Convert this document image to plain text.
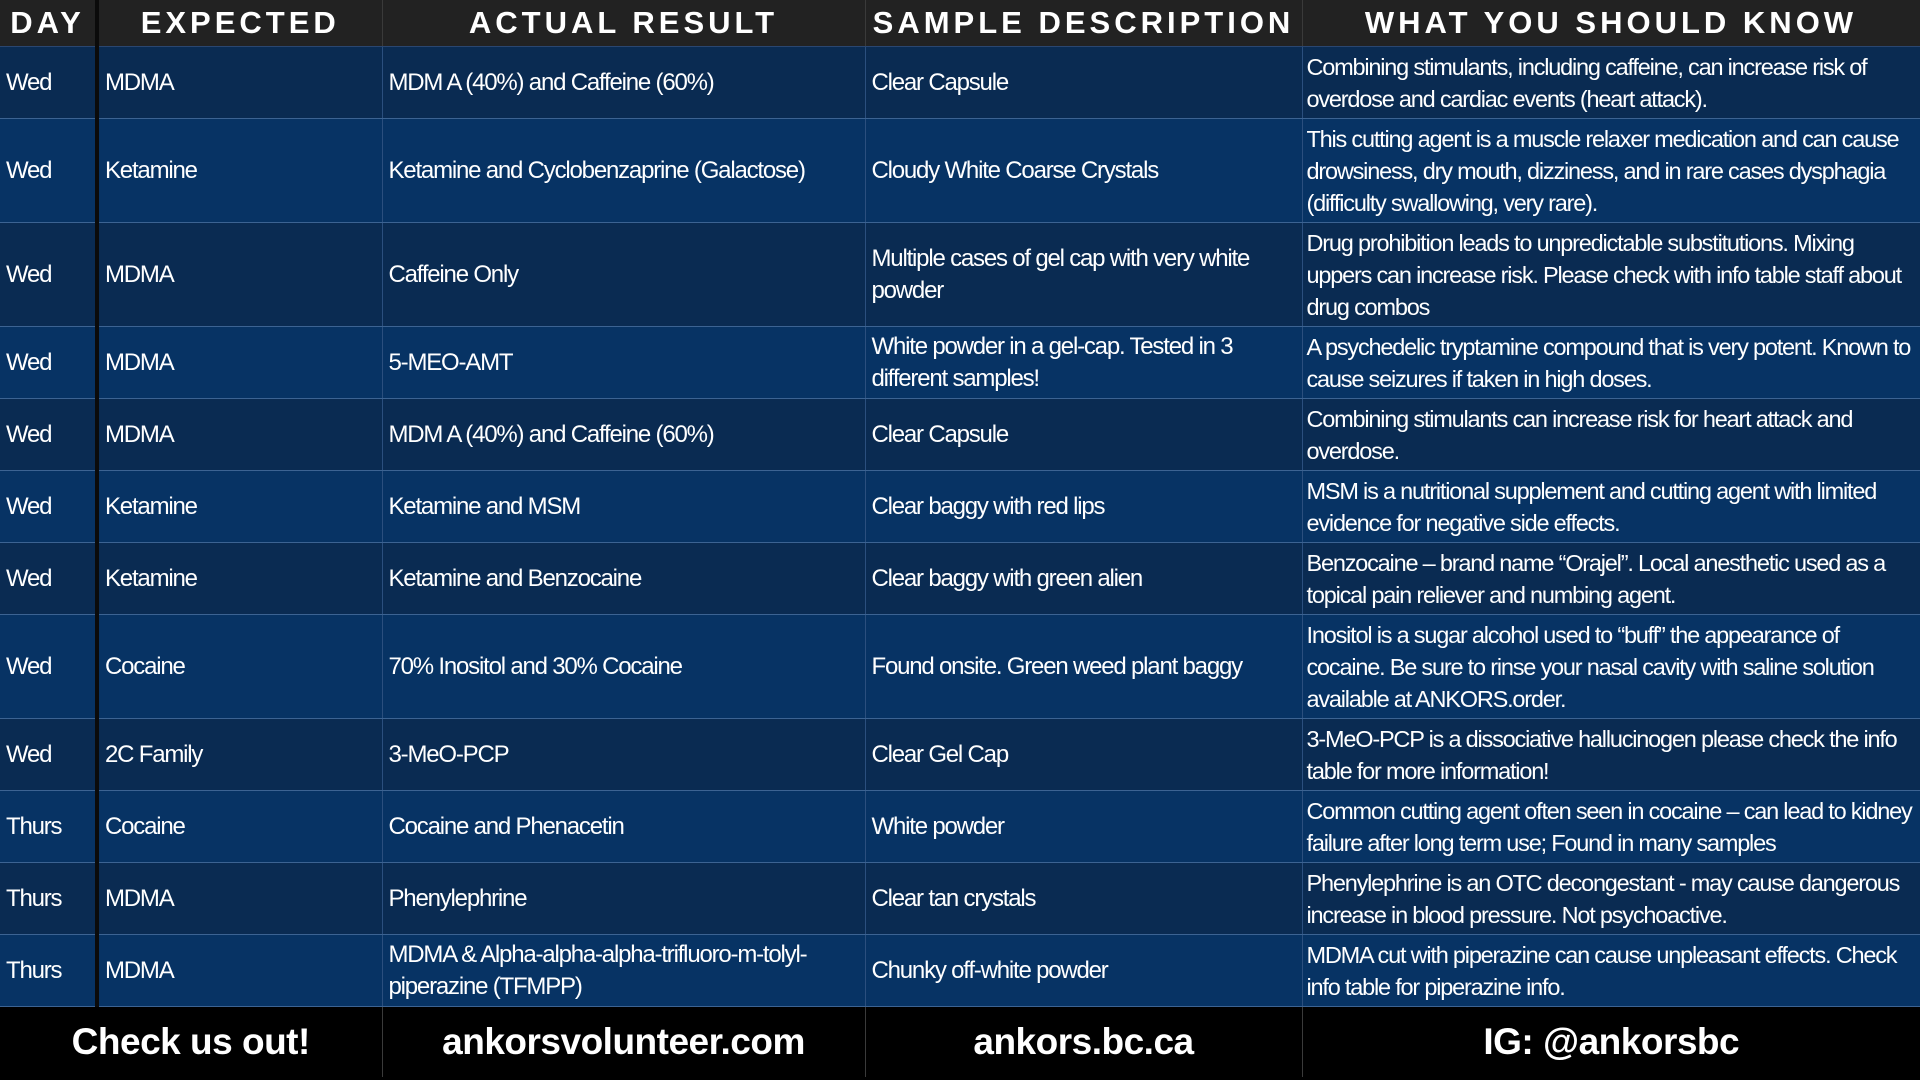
DAY	EXPECTED	ACTUAL RESULT	SAMPLE DESCRIPTION	WHAT YOU SHOULD KNOW
Wed	MDMA	MDM A (40%) and Caffeine (60%)	Clear Capsule	Combining stimulants, including caffeine, can increase risk of overdose and cardiac events (heart attack).
Wed	Ketamine	Ketamine and Cyclobenzaprine (Galactose)	Cloudy White Coarse Crystals	This cutting agent is a muscle relaxer medication and can cause drowsiness, dry mouth, dizziness, and in rare cases dysphagia (difficulty swallowing, very rare).
Wed	MDMA	Caffeine Only	Multiple cases of gel cap with very white powder	Drug prohibition leads to unpredictable substitutions. Mixing uppers can increase risk. Please check with info table staff about drug combos
Wed	MDMA	5-MEO-AMT	White powder in a gel-cap. Tested in 3 different samples!	A psychedelic tryptamine compound that is very potent. Known to cause seizures if taken in high doses.
Wed	MDMA	MDM A (40%) and Caffeine (60%)	Clear Capsule	Combining stimulants can increase risk for heart attack and overdose.
Wed	Ketamine	Ketamine and MSM	Clear baggy with red lips	MSM is a nutritional supplement and cutting agent with limited evidence for negative side effects.
Wed	Ketamine	Ketamine and Benzocaine	Clear baggy with green alien	Benzocaine – brand name “Orajel”. Local anesthetic used as a topical pain reliever and numbing agent.
Wed	Cocaine	70% Inositol and 30% Cocaine	Found onsite. Green weed plant baggy	Inositol is a sugar alcohol used to “buff” the appearance of cocaine. Be sure to rinse your nasal cavity with saline solution available at ANKORS.order.
Wed	2C Family	3-MeO-PCP	Clear Gel Cap	3-MeO-PCP is a dissociative hallucinogen please check the info table for more information!
Thurs	Cocaine	Cocaine and Phenacetin	White powder	Common cutting agent often seen in cocaine – can lead to kidney failure after long term use; Found in many samples
Thurs	MDMA	Phenylephrine	Clear tan crystals	Phenylephrine is an OTC decongestant - may cause dangerous increase in blood pressure. Not psychoactive.
Thurs	MDMA	MDMA & Alpha-alpha-alpha-trifluoro-m-tolyl-piperazine (TFMPP)	Chunky off-white powder	MDMA cut with piperazine can cause unpleasant effects. Check info table for piperazine info.
Check us out!		ankorsvolunteer.com	ankors.bc.ca	IG: @ankorsbc
